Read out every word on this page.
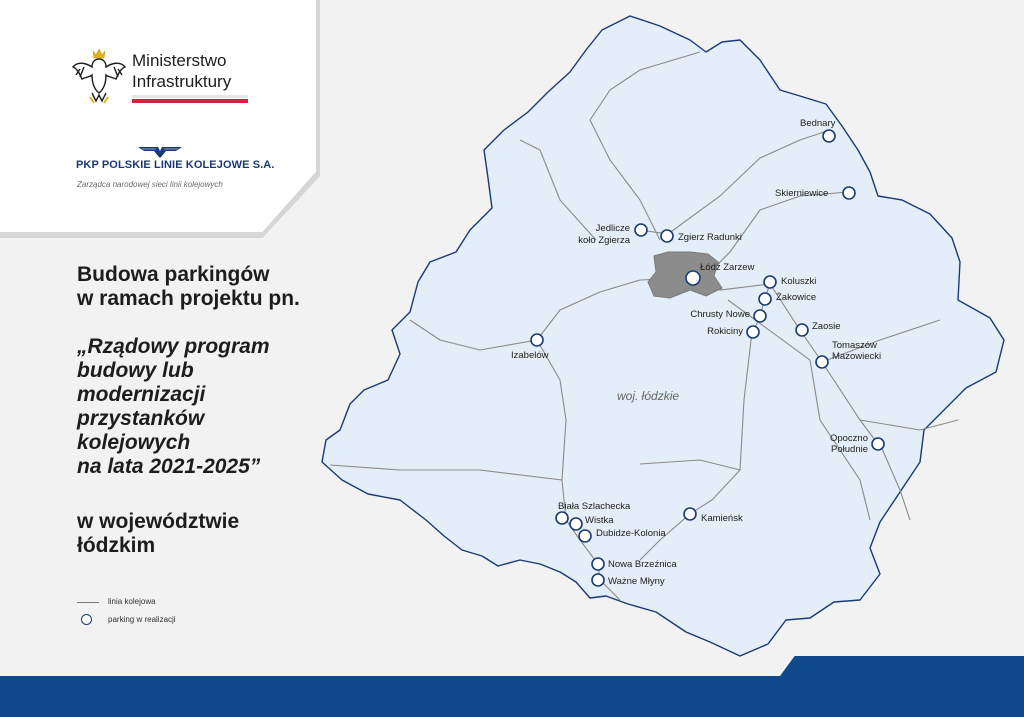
woj. łódzkie
Bednary
Skierniewice
Jedlicze
koło Zgierza	Zgierz Radunki
Łódź Zarzew
Koluszki
Żakowice
Chrusty Nowe
Rokiciny	Zaosie
Tomaszów
Mazowiecki
Izabelów
Opoczno
Południe
Kamieńsk
Biała Szlachecka
Wistka
Dubidze-Kolonia
Nowa Brzeźnica
Ważne Młyny
Ministerstwo
Infrastruktury
PKP POLSKIE LINIE KOLEJOWE S.A.
Zarządca narodowej sieci linii kolejowych
Budowa parkingów
w ramach projektu pn.
„Rządowy program
budowy lub
modernizacji
przystanków
kolejowych
na lata 2021-2025”
w województwie
łódzkim
linia kolejowa
parking w realizacji
